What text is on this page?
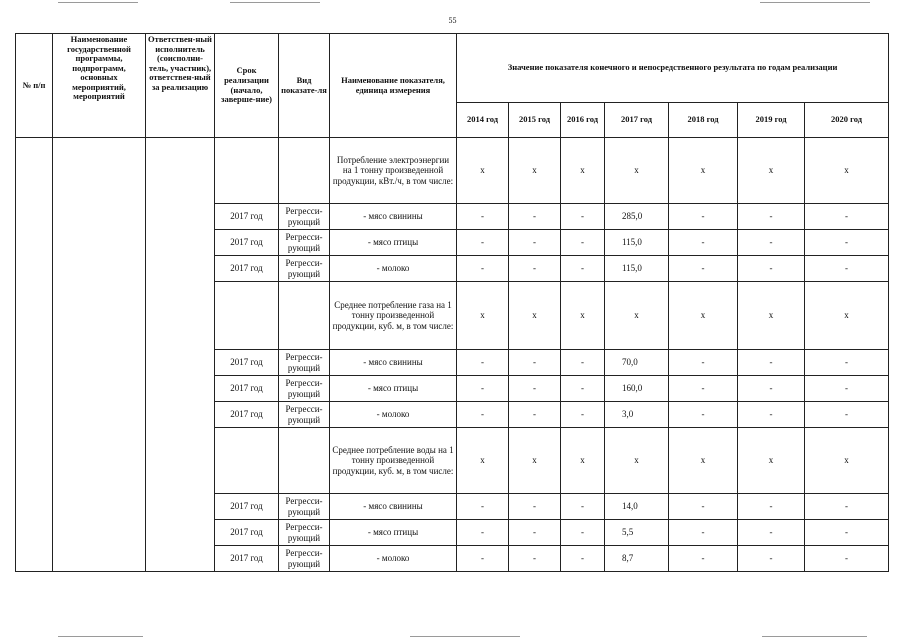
55
№ п/п	Наименование государственной программы, подпрограмм, основных мероприятий, мероприятий	Ответствен-ный исполнитель (соисполни-тель, участник), ответствен-ный за реализацию	Срок реализации (начало, заверше-ние)	Вид показате-ля	Наименование показателя, единица измерения	Значение показателя конечного и непосредственного результата по годам реализации						
						2014 год	2015 год	2016 год	2017 год	2018 год	2019 год	2020 год
					Потребление электроэнергии на 1 тонну произведенной продукции, кВт./ч, в том числе:	х	х	х	х	х	х	х
			2017 год	Регресси-рующий	- мясо свинины	-	-	-	285,0	-	-	-
			2017 год	Регресси-рующий	- мясо птицы	-	-	-	115,0	-	-	-
			2017 год	Регресси-рующий	- молоко	-	-	-	115,0	-	-	-
					Среднее потребление газа на 1 тонну произведенной продукции, куб. м, в том числе:	х	х	х	х	х	х	х
			2017 год	Регресси-рующий	- мясо свинины	-	-	-	70,0	-	-	-
			2017 год	Регресси-рующий	- мясо птицы	-	-	-	160,0	-	-	-
			2017 год	Регресси-рующий	- молоко	-	-	-	3,0	-	-	-
					Среднее потребление воды на 1 тонну произведенной продукции, куб. м, в том числе:	х	х	х	х	х	х	х
			2017 год	Регресси-рующий	- мясо свинины	-	-	-	14,0	-	-	-
			2017 год	Регресси-рующий	- мясо птицы	-	-	-	5,5	-	-	-
			2017 год	Регресси-рующий	- молоко	-	-	-	8,7	-	-	-
